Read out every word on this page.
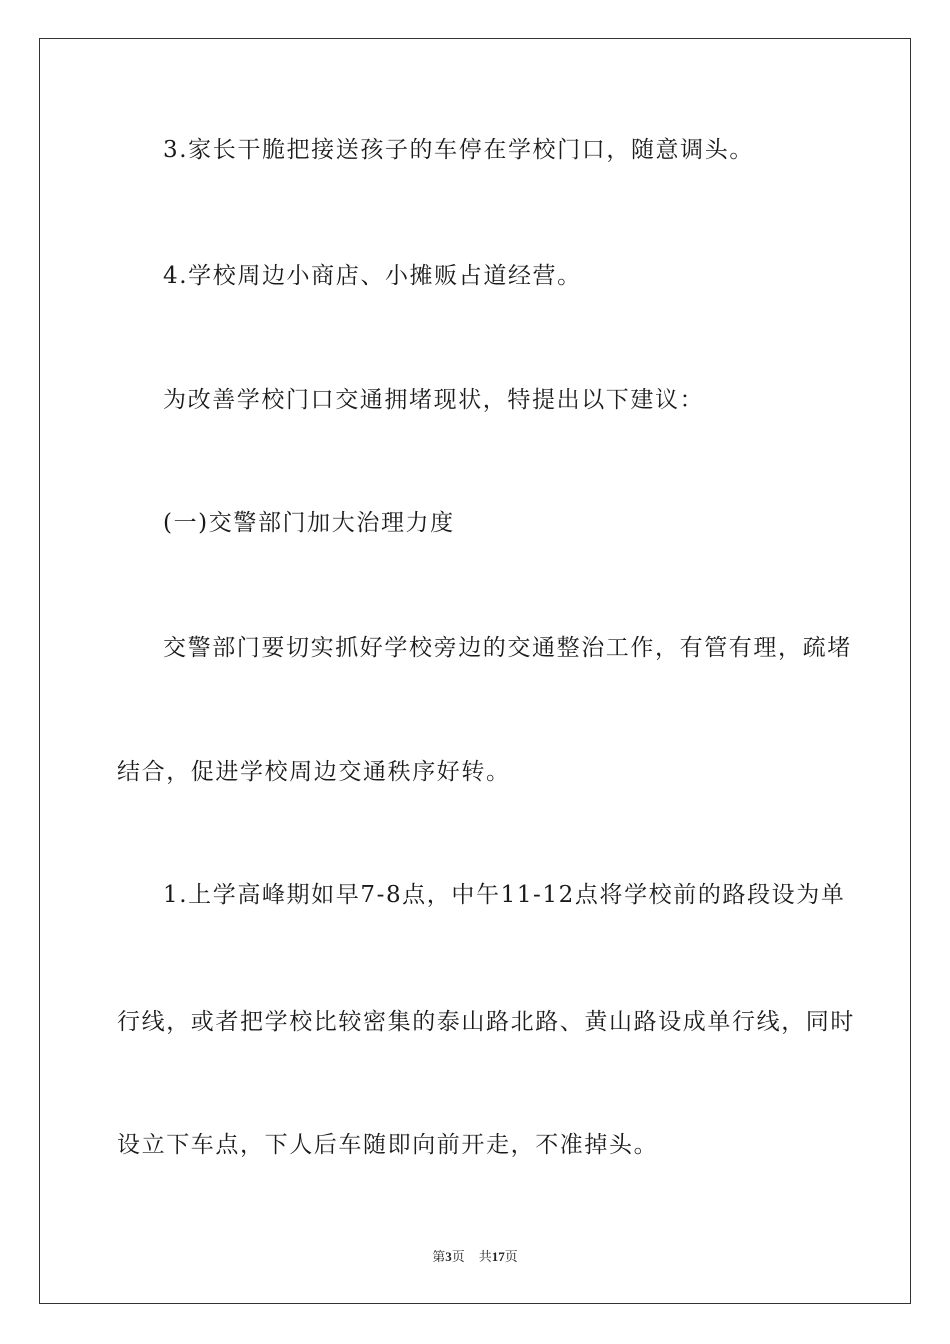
3.家长干脆把接送孩子的车停在学校门口，随意调头。

4.学校周边小商店、小摊贩占道经营。

为改善学校门口交通拥堵现状，特提出以下建议：

(一)交警部门加大治理力度

交警部门要切实抓好学校旁边的交通整治工作，有管有理，疏堵

结合，促进学校周边交通秩序好转。

1.上学高峰期如早7-8点，中午11-12点将学校前的路段设为单

行线，或者把学校比较密集的泰山路北路、黄山路设成单行线，同时

设立下车点，下人后车随即向前开走，不准掉头。

第3页 共17页
